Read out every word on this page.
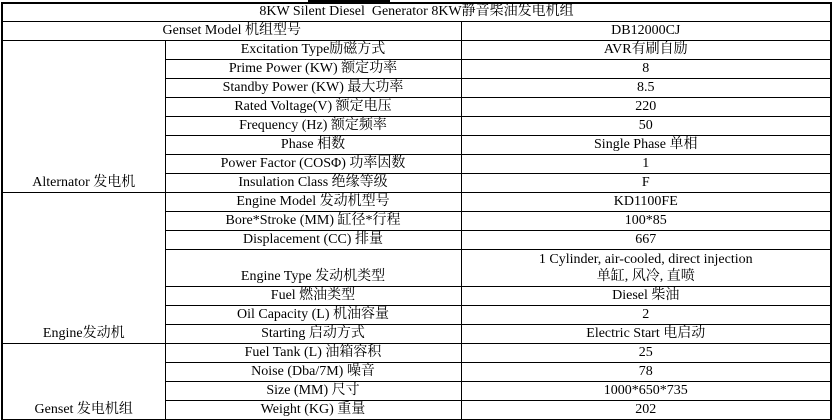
8KW Silent Diesel  Generator 8KW静音柴油发电机组		
Genset Model 机组型号		DB12000CJ
Alternator 发电机	Excitation Type励磁方式	AVR有刷自励
	Prime Power (KW) 额定功率	8
	Standby Power (KW) 最大功率	8.5
	Rated Voltage(V) 额定电压	220
	Frequency (Hz) 额定频率	50
	Phase 相数	Single Phase 单相
	Power Factor (COSΦ) 功率因数	1
	Insulation Class 绝缘等级	F
Engine发动机	Engine Model 发动机型号	KD1100FE
	Bore*Stroke (MM) 缸径*行程	100*85
	Displacement (CC) 排量	667
	Engine Type 发动机类型	1 Cylinder, air-cooled, direct injection
单缸, 风冷, 直喷

	Fuel 燃油类型	Diesel 柴油
	Oil Capacity (L) 机油容量	2
	Starting 启动方式	Electric Start 电启动
Genset 发电机组	Fuel Tank (L) 油箱容积	25
	Noise (Dba/7M) 噪音	78
	Size (MM) 尺寸	1000*650*735
	Weight (KG) 重量	202
